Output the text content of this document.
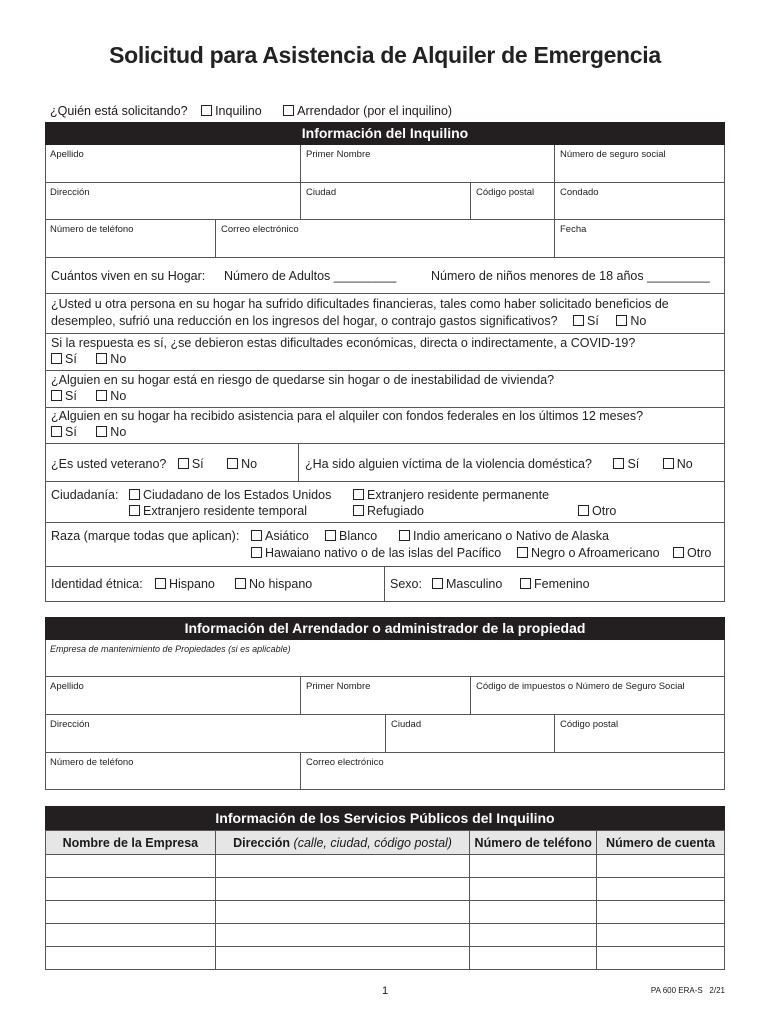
Solicitud para Asistencia de Alquiler de Emergencia
¿Quién está solicitando? Inquilino	Arrendador (por el inquilino)
Información del Inquilino
Apellido	Primer Nombre	Número de seguro social
Dirección	Ciudad	Código postal	Condado
Número de teléfono	Correo electrónico	Fecha
Cuántos viven en su Hogar: Número de Adultos _________	Número de niños menores de 18 años _________
¿Usted u otra persona en su hogar ha sufrido dificultades financieras, tales como haber solicitado beneficios de
desempleo, sufrió una reducción en los ingresos del hogar, o contrajo gastos significativos? Sí	No
Si la respuesta es sí, ¿se debieron estas dificultades económicas, directa o indirectamente, a COVID-19?
Sí	No
¿Alguien en su hogar está en riesgo de quedarse sin hogar o de inestabilidad de vivienda?
Sí	No
¿Alguien en su hogar ha recibido asistencia para el alquiler con fondos federales en los últimos 12 meses?
Sí	No
¿Es usted veterano? Sí	No	¿Ha sido alguien víctima de la violencia doméstica?	Sí	No
Ciudadanía:	Ciudadano de los Estados Unidos	Extranjero residente permanente
Extranjero residente temporal	Refugiado	Otro
Raza (marque todas que aplican):	Asiático	Blanco	Indio americano o Nativo de Alaska
Hawaiano nativo o de las islas del Pacífico	Negro o Afroamericano	Otro
Identidad étnica:	Hispano	No hispano	Sexo:	Masculino	Femenino
Información del Arrendador o administrador de la propiedad
Empresa de mantenimiento de Propiedades (si es aplicable)
Apellido	Primer Nombre	Código de impuestos o Número de Seguro Social
Dirección	Ciudad	Código postal
Número de teléfono	Correo electrónico
Información de los Servicios Públicos del Inquilino
Nombre de la Empresa	Dirección (calle, ciudad, código postal)	Número de teléfono	Número de cuenta

1	PA 600 ERA-S   2/21
